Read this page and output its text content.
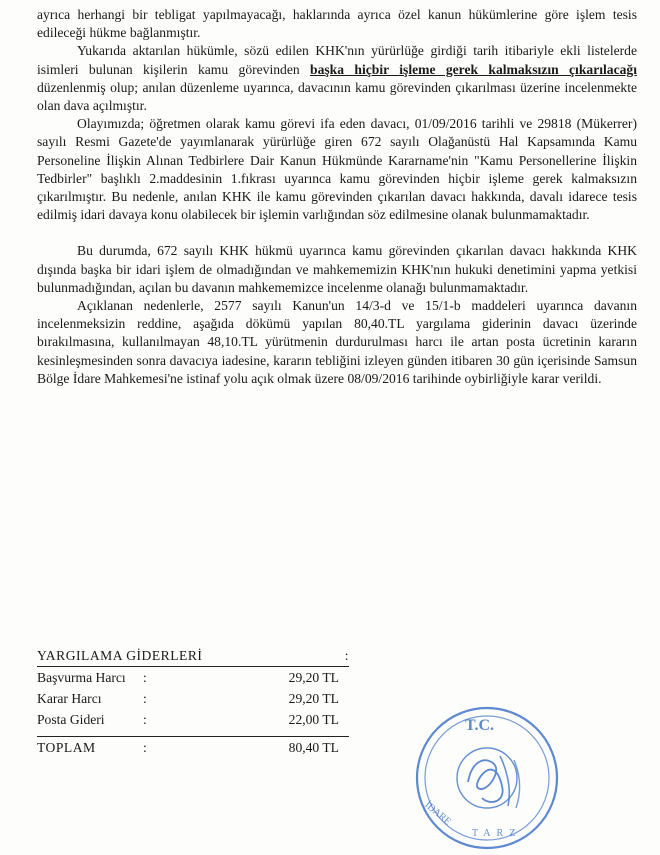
ayrıca herhangi bir tebligat yapılmayacağı, haklarında ayrıca özel kanun hükümlerine göre işlem tesis edileceği hükme bağlanmıştır.

Yukarıda aktarılan hükümle, sözü edilen KHK'nın yürürlüğe girdiği tarih itibariyle ekli listelerde isimleri bulunan kişilerin kamu görevinden başka hiçbir işleme gerek kalmaksızın çıkarılacağı düzenlenmiş olup; anılan düzenleme uyarınca, davacının kamu görevinden çıkarılması üzerine incelenmekte olan dava açılmıştır.

Olayımızda; öğretmen olarak kamu görevi ifa eden davacı, 01/09/2016 tarihli ve 29818 (Mükerrer) sayılı Resmi Gazete'de yayımlanarak yürürlüğe giren 672 sayılı Olağanüstü Hal Kapsamında Kamu Personeline İlişkin Alınan Tedbirlere Dair Kanun Hükmünde Kararname'nin "Kamu Personellerine İlişkin Tedbirler" başlıklı 2.maddesinin 1.fıkrası uyarınca kamu görevinden hiçbir işleme gerek kalmaksızın çıkarılmıştır. Bu nedenle, anılan KHK ile kamu görevinden çıkarılan davacı hakkında, davalı idarece tesis edilmiş idari davaya konu olabilecek bir işlemin varlığından söz edilmesine olanak bulunmamaktadır.

Bu durumda, 672 sayılı KHK hükmü uyarınca kamu görevinden çıkarılan davacı hakkında KHK dışında başka bir idari işlem de olmadığından ve mahkememizin KHK'nın hukuki denetimini yapma yetkisi bulunmadığından, açılan bu davanın mahkememizce incelenme olanağı bulunmamaktadır.

Açıklanan nedenlerle, 2577 sayılı Kanun'un 14/3-d ve 15/1-b maddeleri uyarınca davanın incelenmeksizin reddine, aşağıda dökümü yapılan 80,40.TL yargılama giderinin davacı üzerinde bırakılmasına, kullanılmayan 48,10.TL yürütmenin durdurulması harcı ile artan posta ücretinin kararın kesinleşmesinden sonra davacıya iadesine, kararın tebliğini izleyen günden itibaren 30 gün içerisinde Samsun Bölge İdare Mahkemesi'ne istinaf yolu açık olmak üzere 08/09/2016 tarihinde oybirliğiyle karar verildi.

YARGILAMA GİDERLERİ	:
Başvurma Harcı :	29,20 TL
Karar Harcı	:	29,20 TL
Posta Gideri	:	22,00 TL
TOPLAM	:	80,40 TL
T.C.
İDARE
TARZ
